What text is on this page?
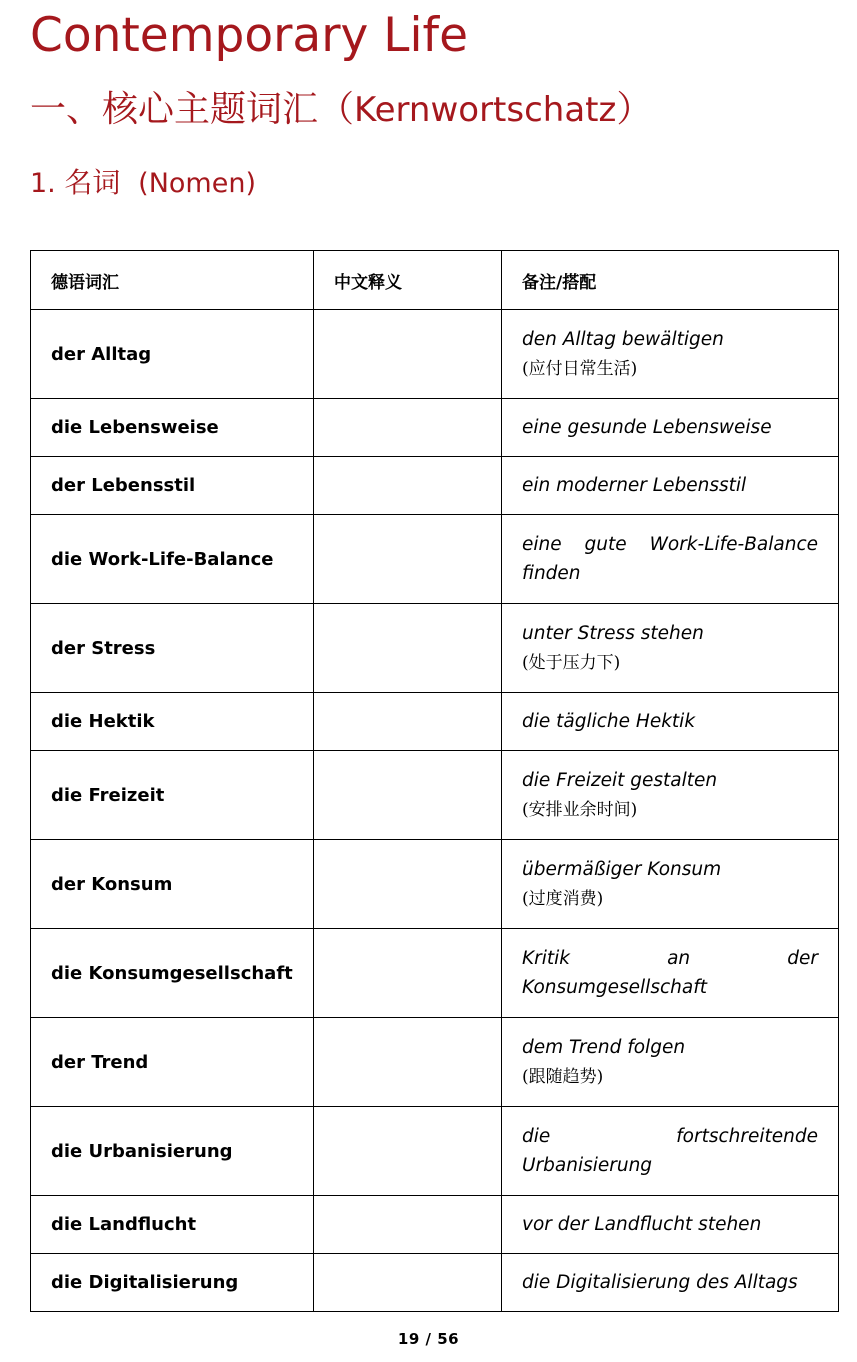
Contemporary Life
一、核心主题词汇（Kernwortschatz）
1. 名词 (Nomen)
德语词汇	中文释义	备注/搭配
der Alltag		den Alltag bewältigen
(应付日常生活)
die Lebensweise		eine gesunde Lebensweise
der Lebensstil		ein moderner Lebensstil
die Work-Life-Balance		eine gute Work-Life-Balance finden
der Stress		unter Stress stehen
(处于压力下)
die Hektik		die tägliche Hektik
die Freizeit		die Freizeit gestalten
(安排业余时间)
der Konsum		übermäßiger Konsum
(过度消费)
die Konsumgesellschaft		Kritik an der Konsumgesellschaft
der Trend		dem Trend folgen
(跟随趋势)
die Urbanisierung		die fortschreitende Urbanisierung
die Landflucht		vor der Landflucht stehen
die Digitalisierung		die Digitalisierung des Alltags
19 / 56
